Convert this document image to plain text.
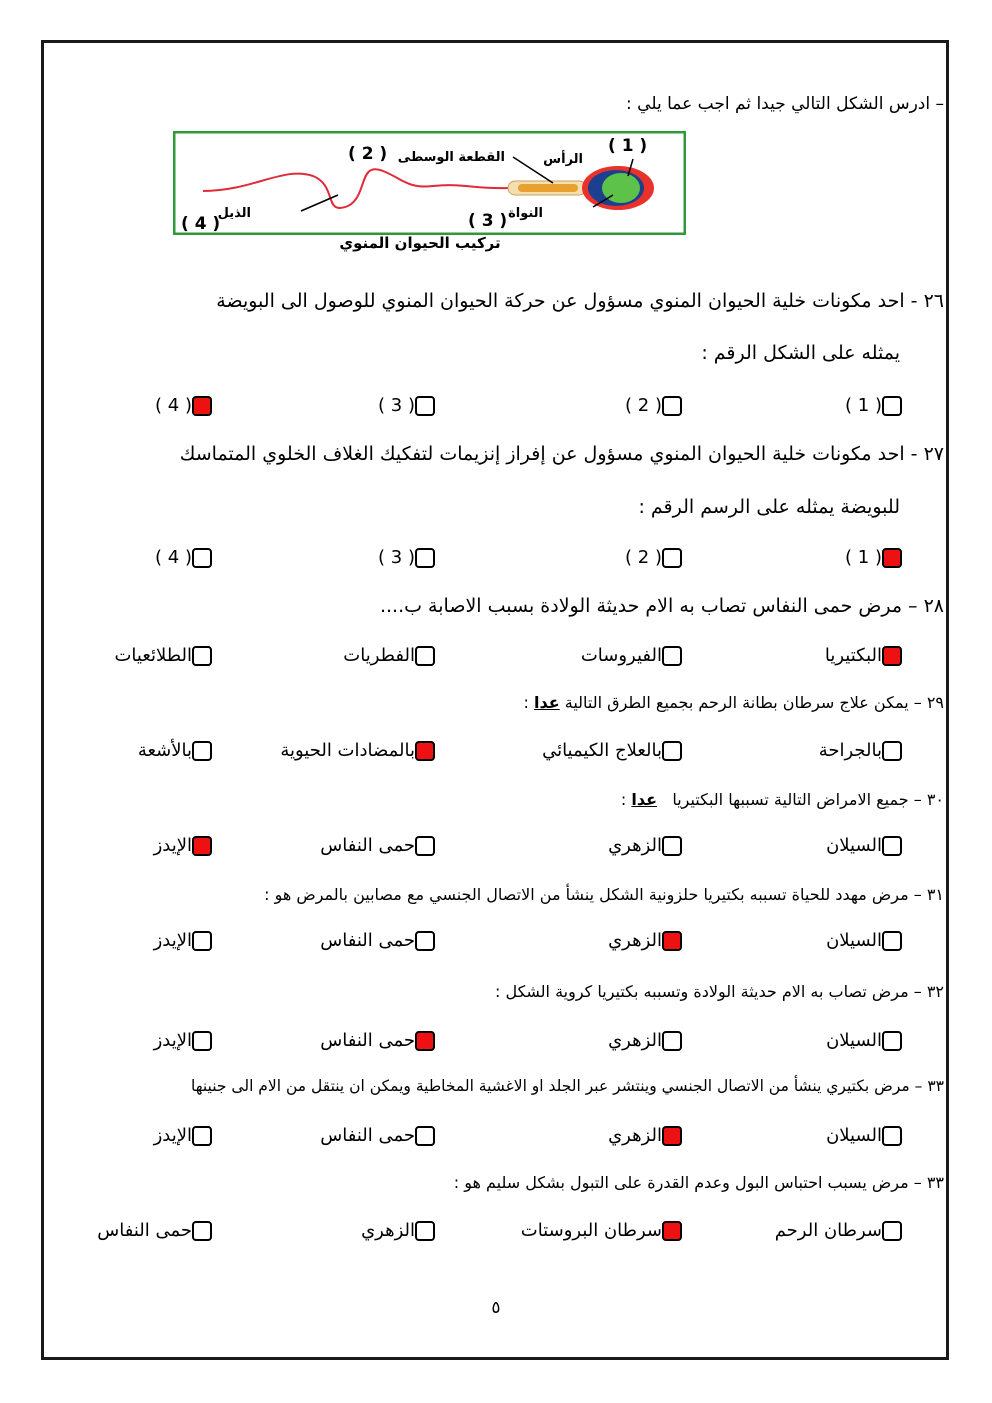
– ادرس الشكل التالي جيدا ثم اجب عما يلي :
( 1 )
الرأس
( 2 ) القطعة الوسطى
( 3 ) النواة
( 4 )
الذيل
تركيب الحيوان المنوي
٢٦ - احد مكونات خلية الحيوان المنوي مسؤول عن حركة الحيوان المنوي للوصول الى البويضة
يمثله على الشكل الرقم :
( 1 )
( 2 )
( 3 )
( 4 )
٢٧ - احد مكونات خلية الحيوان المنوي مسؤول عن إفراز إنزيمات لتفكيك الغلاف الخلوي المتماسك
للبويضة يمثله على الرسم الرقم :
( 1 )
( 2 )
( 3 )
( 4 )
٢٨ – مرض حمى النفاس تصاب به الام حديثة الولادة بسبب الاصابة ب....
البكتيريا
الفيروسات
الفطريات
الطلائعيات
٢٩ – يمكن علاج سرطان بطانة الرحم بجميع الطرق التالية عدا :
بالجراحة
بالعلاج الكيميائي
بالمضادات الحيوية
بالأشعة
٣٠ – جميع الامراض التالية تسببها البكتيريا   عدا :
السيلان
الزهري
حمى النفاس
الإيدز
٣١ – مرض مهدد للحياة تسببه بكتيريا حلزونية الشكل ينشأ من الاتصال الجنسي مع مصابين بالمرض هو :
السيلان
الزهري
حمى النفاس
الإيدز
٣٢ – مرض تصاب به الام حديثة الولادة وتسببه بكتيريا كروية الشكل :
السيلان
الزهري
حمى النفاس
الإيدز
٣٣ – مرض بكتيري ينشأ من الاتصال الجنسي وينتشر عبر الجلد او الاغشية المخاطية ويمكن ان ينتقل من الام الى جنينها
السيلان
الزهري
حمى النفاس
الإيدز
٣٣ – مرض يسبب احتباس البول وعدم القدرة على التبول بشكل سليم هو :
سرطان الرحم
سرطان البروستات
الزهري
حمى النفاس
٥
